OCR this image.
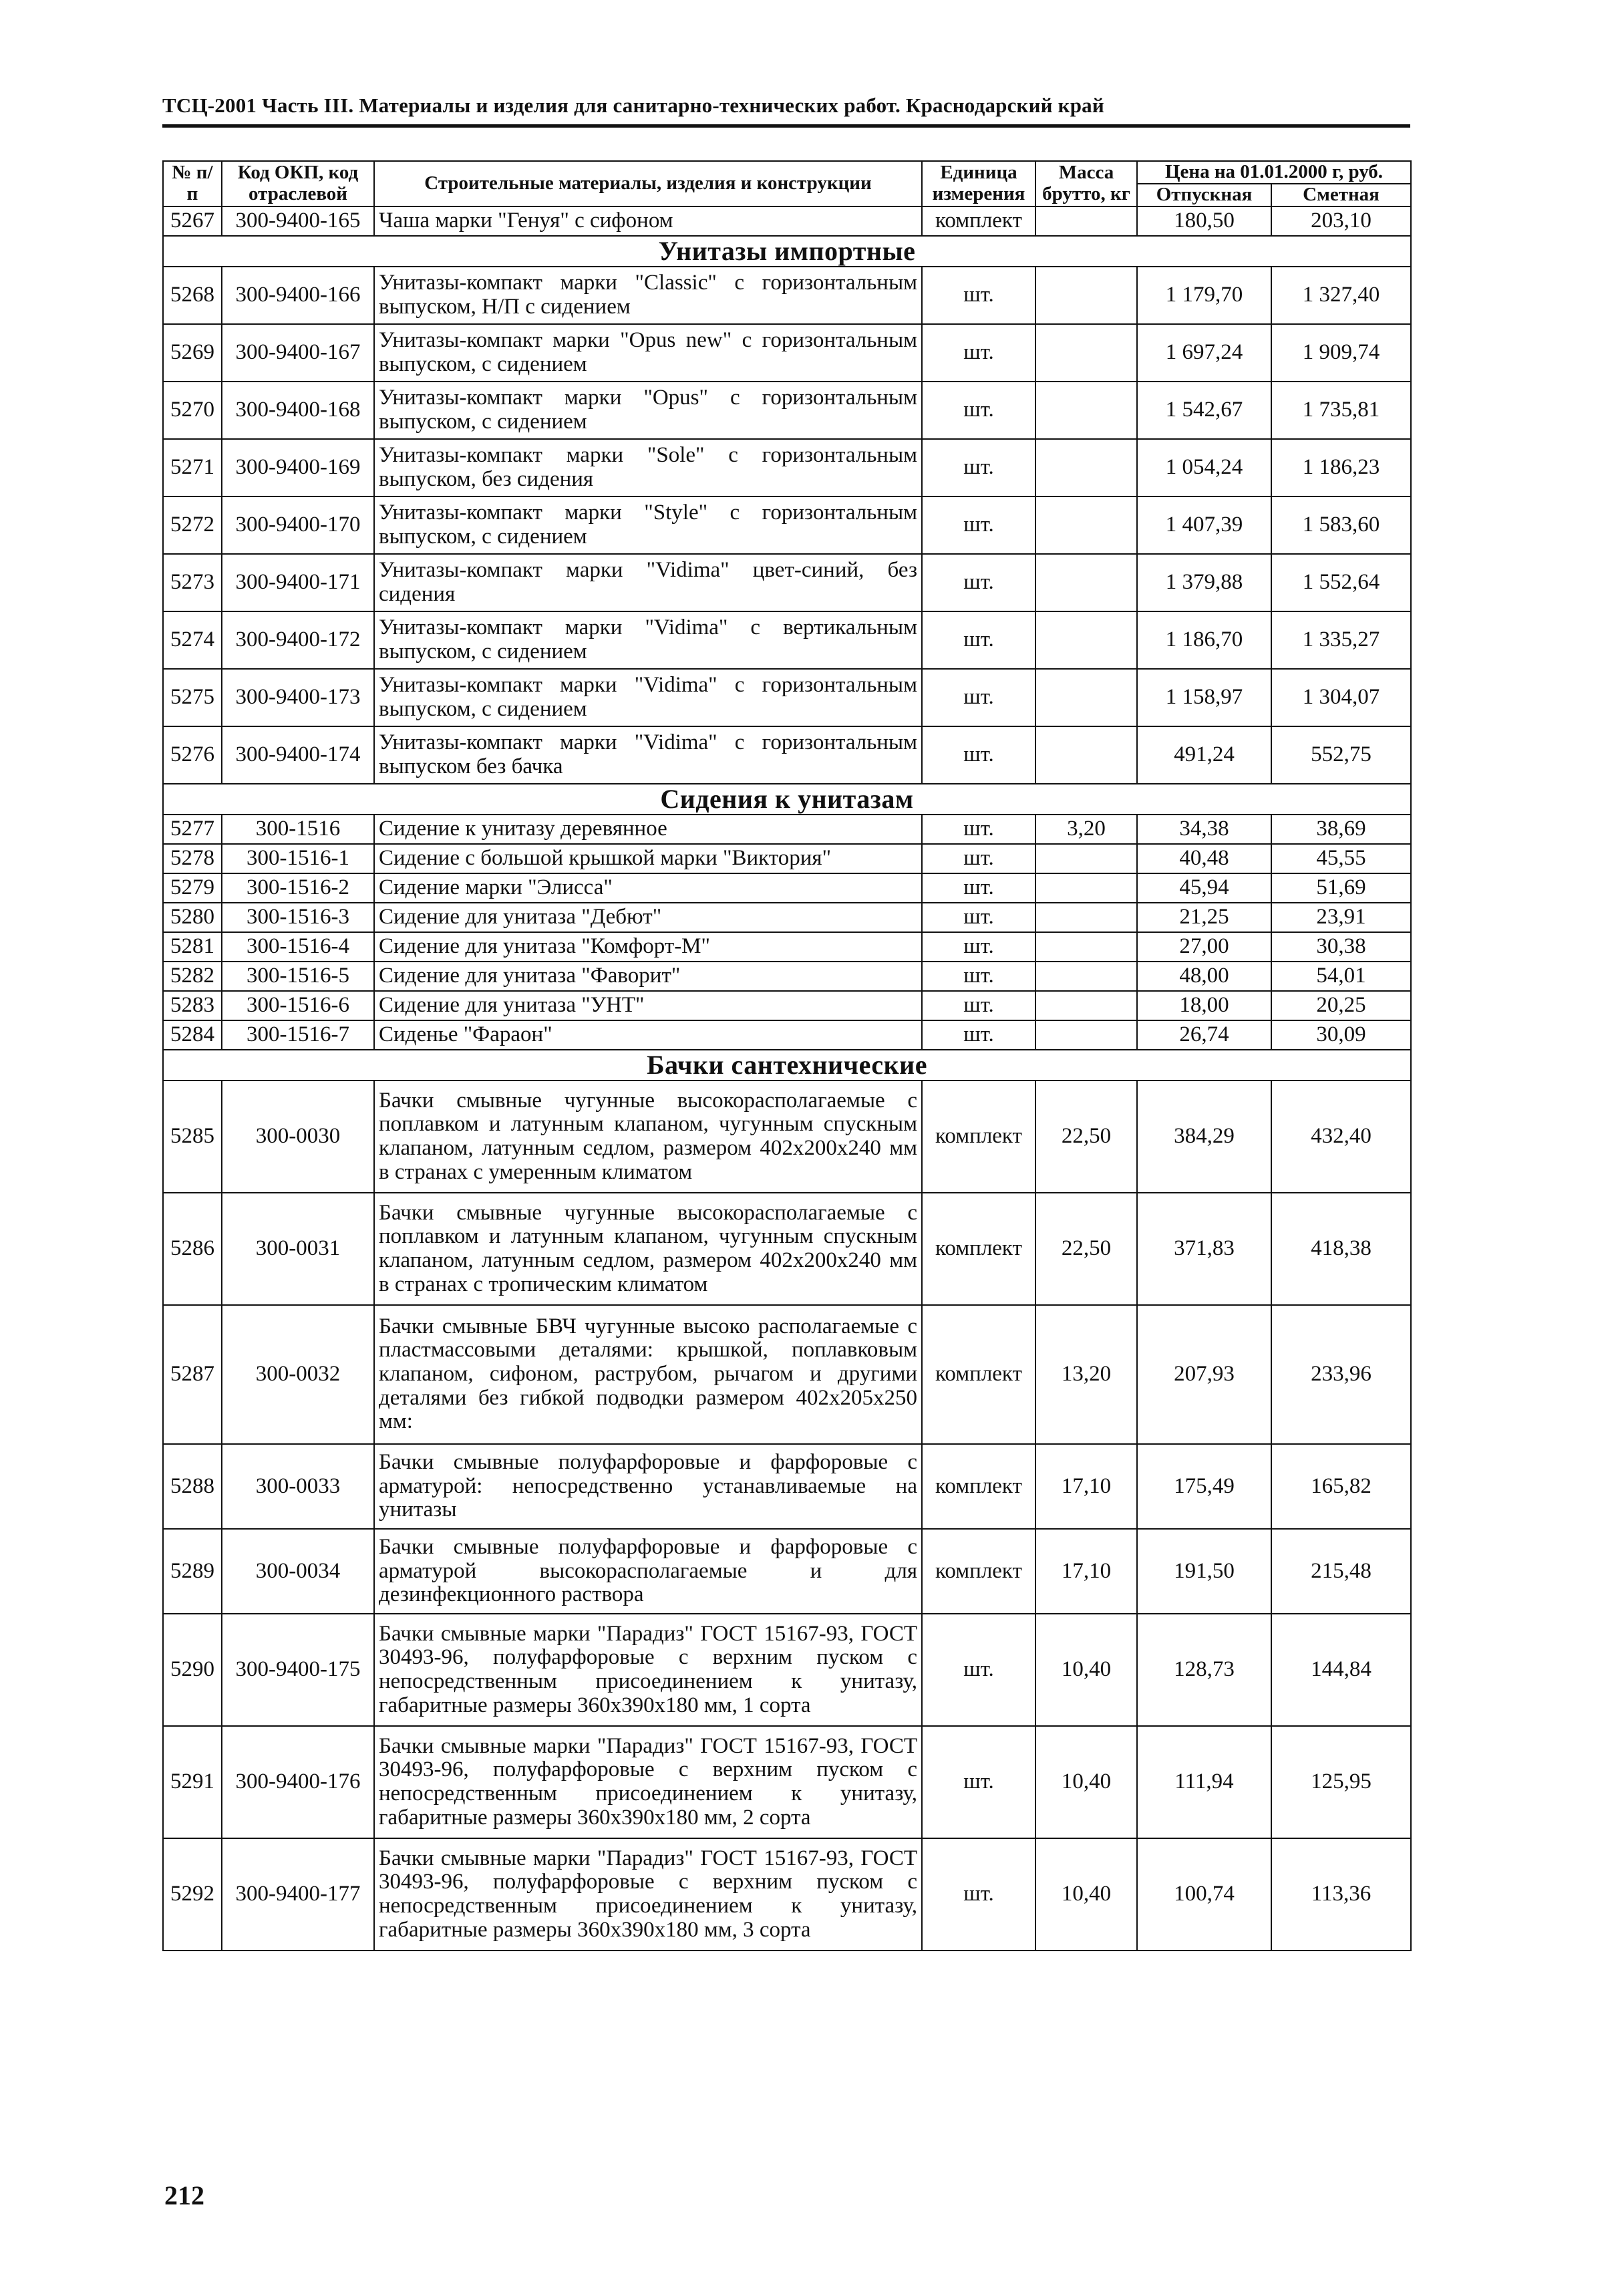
ТСЦ-2001 Часть III. Материалы и изделия для санитарно-технических работ. Краснодарский край
№ п/п	Код ОКП, код отраслевой	Строительные материалы, изделия и конструкции	Единица измерения	Масса брутто, кг	Цена на 01.01.2000 г, руб.	
					Отпускная	Сметная
5267	300-9400-165	Чаша марки "Генуя" с сифоном	комплект		180,50	203,10
Унитазы импортные						
5268	300-9400-166	Унитазы-компакт марки "Classic" с горизонтальным выпуском, Н/П с сидением	шт.		1 179,70	1 327,40
5269	300-9400-167	Унитазы-компакт марки "Opus new" с горизонтальным выпуском, с сидением	шт.		1 697,24	1 909,74
5270	300-9400-168	Унитазы-компакт марки "Opus" с горизонтальным выпуском, с сидением	шт.		1 542,67	1 735,81
5271	300-9400-169	Унитазы-компакт марки "Sole" с горизонтальным выпуском, без сидения	шт.		1 054,24	1 186,23
5272	300-9400-170	Унитазы-компакт марки "Style" с горизонтальным выпуском, с сидением	шт.		1 407,39	1 583,60
5273	300-9400-171	Унитазы-компакт марки "Vidima" цвет-синий, без сидения	шт.		1 379,88	1 552,64
5274	300-9400-172	Унитазы-компакт марки "Vidima" с вертикальным выпуском, с сидением	шт.		1 186,70	1 335,27
5275	300-9400-173	Унитазы-компакт марки "Vidima" с горизонтальным выпуском, с сидением	шт.		1 158,97	1 304,07
5276	300-9400-174	Унитазы-компакт марки "Vidima" с горизонтальным выпуском без бачка	шт.		491,24	552,75
Сидения к унитазам						
5277	300-1516	Сидение к унитазу деревянное	шт.	3,20	34,38	38,69
5278	300-1516-1	Сидение с большой крышкой марки "Виктория"	шт.		40,48	45,55
5279	300-1516-2	Сидение марки "Элисса"	шт.		45,94	51,69
5280	300-1516-3	Сидение для унитаза "Дебют"	шт.		21,25	23,91
5281	300-1516-4	Сидение для унитаза "Комфорт-М"	шт.		27,00	30,38
5282	300-1516-5	Сидение для унитаза "Фаворит"	шт.		48,00	54,01
5283	300-1516-6	Сидение для унитаза "УНТ"	шт.		18,00	20,25
5284	300-1516-7	Сиденье "Фараон"	шт.		26,74	30,09
Бачки сантехнические						
5285	300-0030	Бачки смывные чугунные высокорасполагаемые с поплавком и латунным клапаном, чугунным спускным клапаном, латунным седлом, размером 402x200x240 мм в странах с умеренным климатом	комплект	22,50	384,29	432,40
5286	300-0031	Бачки смывные чугунные высокорасполагаемые с поплавком и латунным клапаном, чугунным спускным клапаном, латунным седлом, размером 402x200x240 мм в странах с тропическим климатом	комплект	22,50	371,83	418,38
5287	300-0032	Бачки смывные БВЧ чугунные высоко располагаемые с пластмассовыми деталями: крышкой, поплавковым клапаном, сифоном, раструбом, рычагом и другими деталями без гибкой подводки размером 402x205x250 мм:	комплект	13,20	207,93	233,96
5288	300-0033	Бачки смывные полуфарфоровые и фарфоровые с арматурой: непосредственно устанавливаемые на унитазы	комплект	17,10	175,49	165,82
5289	300-0034	Бачки смывные полуфарфоровые и фарфоровые с арматурой высокорасполагаемые и для дезинфекционного раствора	комплект	17,10	191,50	215,48
5290	300-9400-175	Бачки смывные марки "Парадиз" ГОСТ 15167-93, ГОСТ 30493-96, полуфарфоровые с верхним пуском с непосредственным присоединением к унитазу, габаритные размеры 360x390x180 мм, 1 сорта	шт.	10,40	128,73	144,84
5291	300-9400-176	Бачки смывные марки "Парадиз" ГОСТ 15167-93, ГОСТ 30493-96, полуфарфоровые с верхним пуском с непосредственным присоединением к унитазу, габаритные размеры 360x390x180 мм, 2 сорта	шт.	10,40	111,94	125,95
5292	300-9400-177	Бачки смывные марки "Парадиз" ГОСТ 15167-93, ГОСТ 30493-96, полуфарфоровые с верхним пуском с непосредственным присоединением к унитазу, габаритные размеры 360x390x180 мм, 3 сорта	шт.	10,40	100,74	113,36
212
